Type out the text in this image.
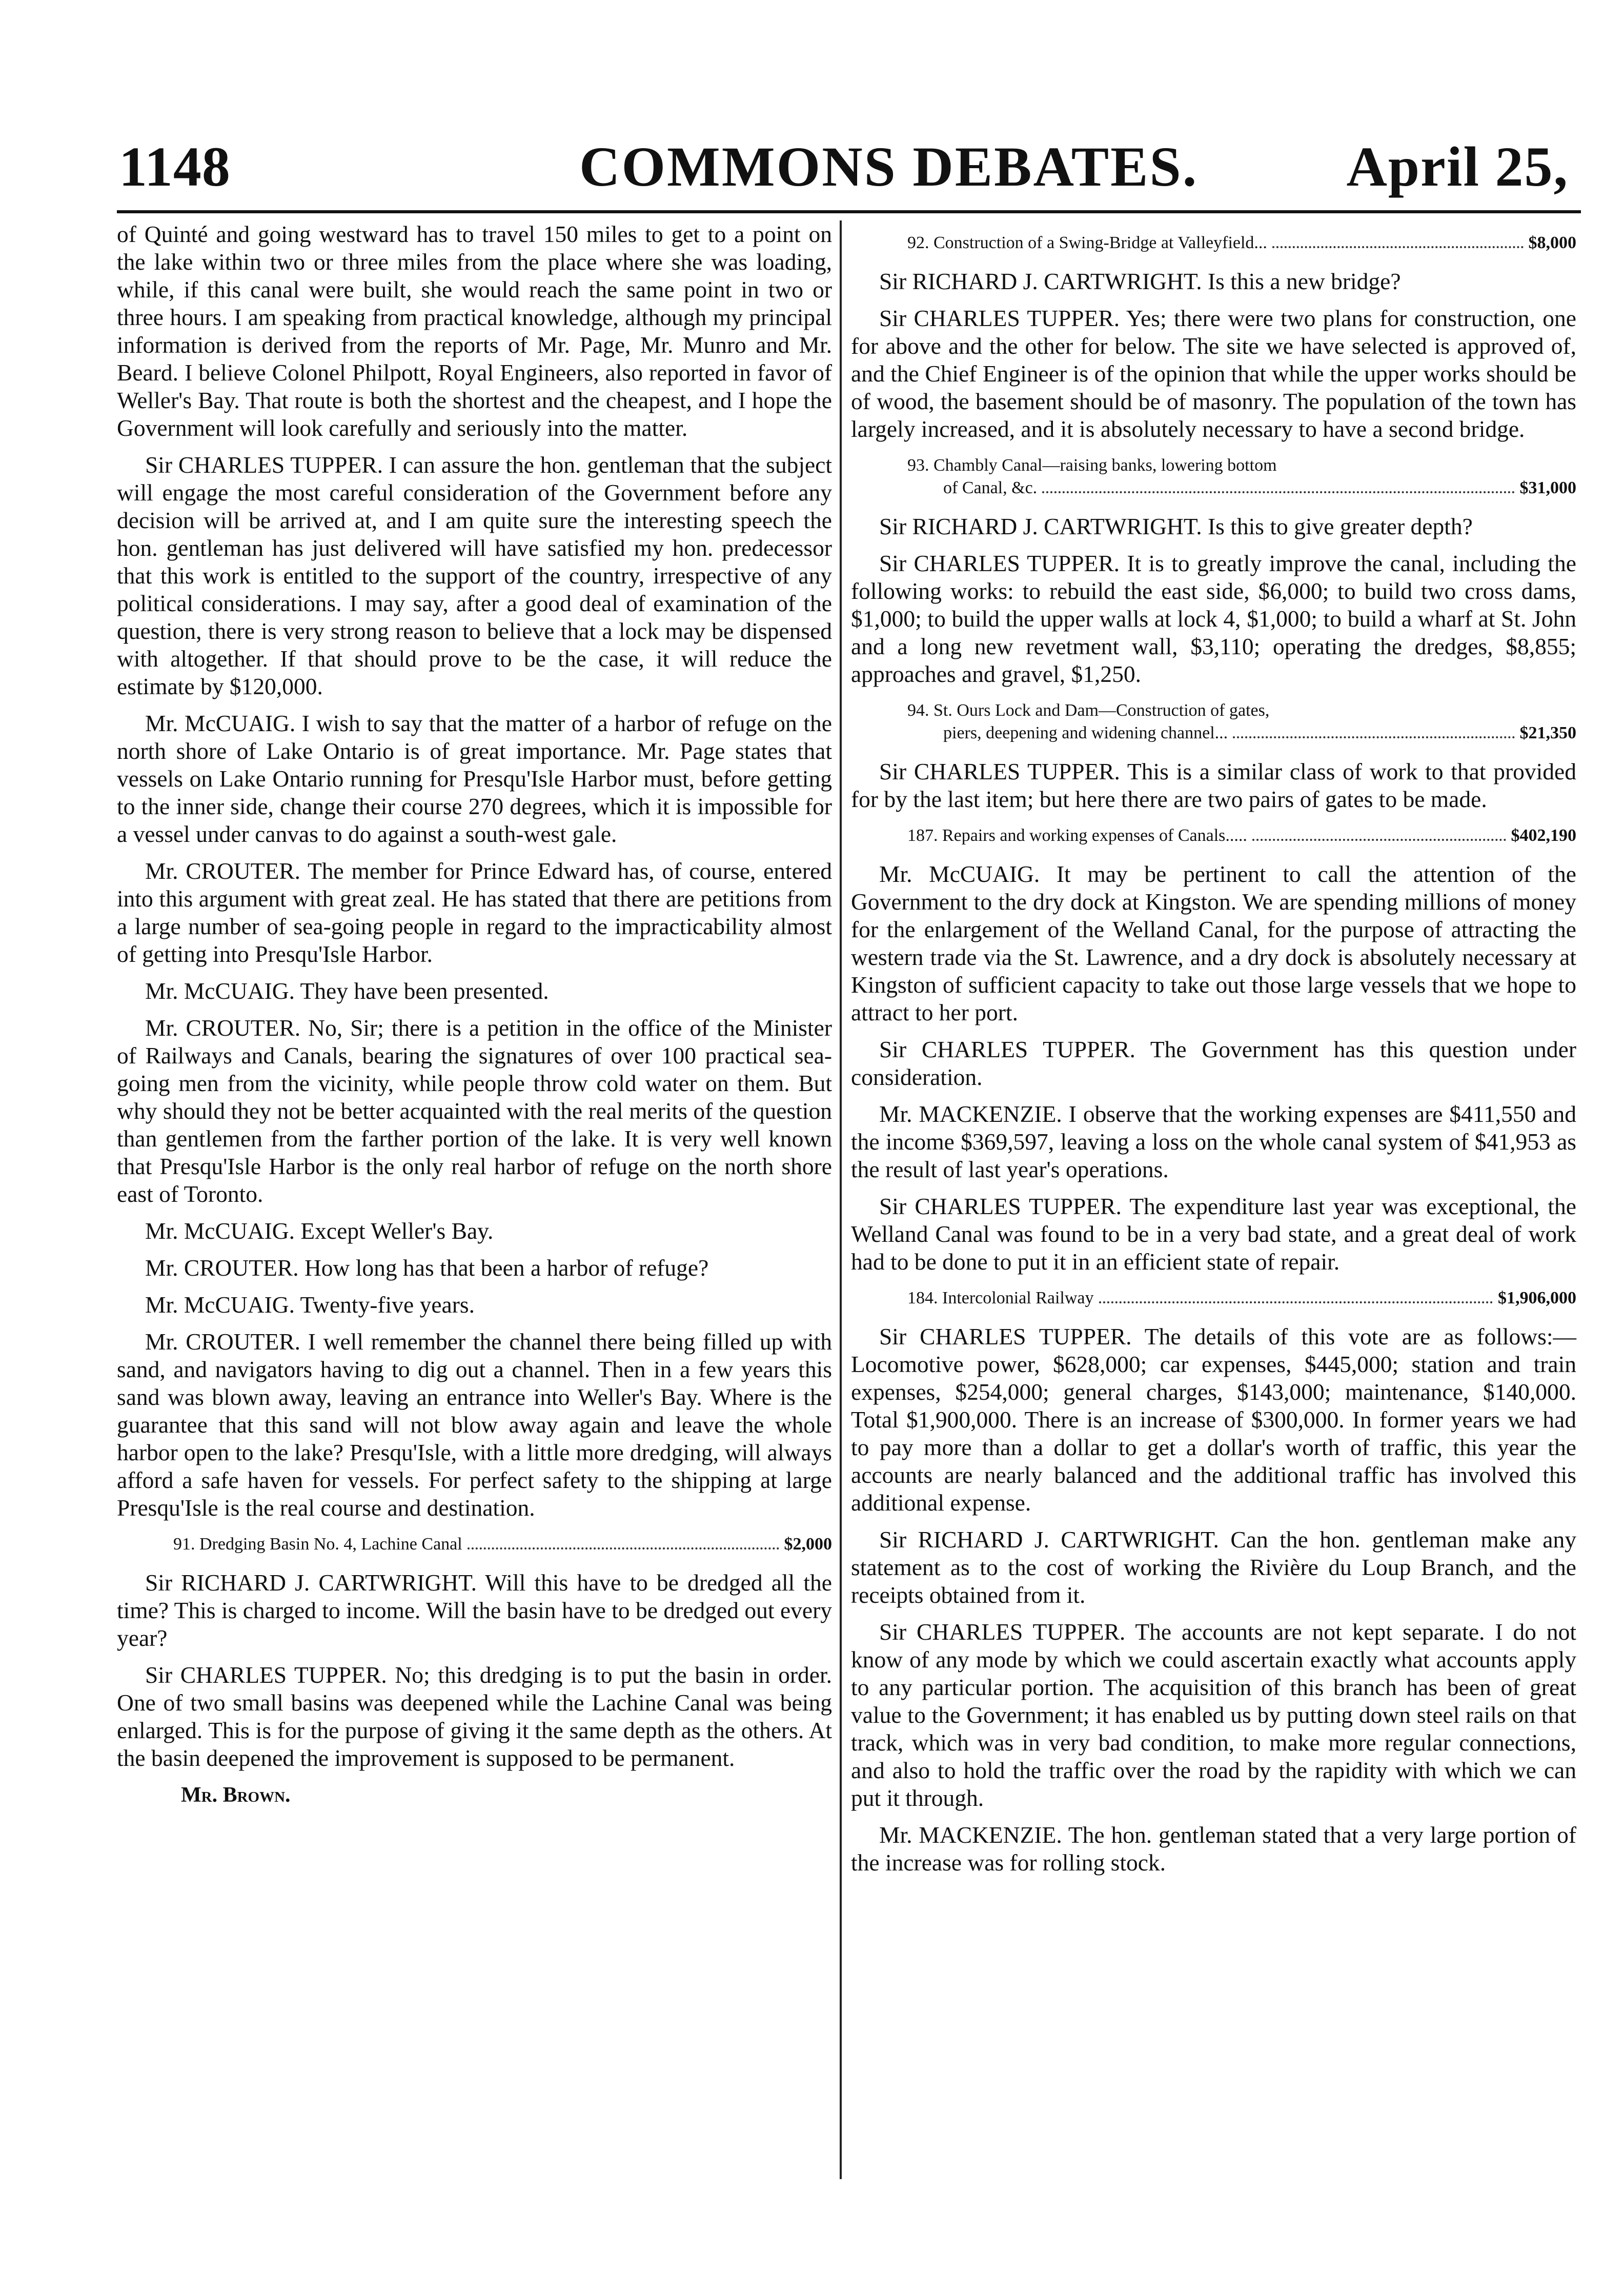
1148	COMMONS DEBATES.	April 25,

of Quinté and going westward has to travel 150 miles to get to a point on the lake within two or three miles from the place where she was loading, while, if this canal were built, she would reach the same point in two or three hours. I am speaking from practical knowledge, although my principal information is derived from the reports of Mr. Page, Mr. Munro and Mr. Beard. I believe Colonel Philpott, Royal Engineers, also reported in favor of Weller's Bay. That route is both the shortest and the cheapest, and I hope the Government will look carefully and seriously into the matter.

Sir CHARLES TUPPER. I can assure the hon. gentleman that the subject will engage the most careful consideration of the Government before any decision will be arrived at, and I am quite sure the interesting speech the hon. gentleman has just delivered will have satisfied my hon. predecessor that this work is entitled to the support of the country, irrespective of any political considerations. I may say, after a good deal of examination of the question, there is very strong reason to believe that a lock may be dispensed with altogether. If that should prove to be the case, it will reduce the estimate by $120,000.

Mr. McCUAIG. I wish to say that the matter of a harbor of refuge on the north shore of Lake Ontario is of great importance. Mr. Page states that vessels on Lake Ontario running for Presqu'Isle Harbor must, before getting to the inner side, change their course 270 degrees, which it is impossible for a vessel under canvas to do against a south-west gale.

Mr. CROUTER. The member for Prince Edward has, of course, entered into this argument with great zeal. He has stated that there are petitions from a large number of sea-going people in regard to the impracticability almost of getting into Presqu'Isle Harbor.

Mr. McCUAIG. They have been presented.

Mr. CROUTER. No, Sir; there is a petition in the office of the Minister of Railways and Canals, bearing the signatures of over 100 practical sea-going men from the vicinity, while people throw cold water on them. But why should they not be better acquainted with the real merits of the question than gentlemen from the farther portion of the lake. It is very well known that Presqu'Isle Harbor is the only real harbor of refuge on the north shore east of Toronto.

Mr. McCUAIG. Except Weller's Bay.

Mr. CROUTER. How long has that been a harbor of refuge?

Mr. McCUAIG. Twenty-five years.

Mr. CROUTER. I well remember the channel there being filled up with sand, and navigators having to dig out a channel. Then in a few years this sand was blown away, leaving an entrance into Weller's Bay. Where is the guarantee that this sand will not blow away again and leave the whole harbor open to the lake? Presqu'Isle, with a little more dredging, will always afford a safe haven for vessels. For perfect safety to the shipping at large Presqu'Isle is the real course and destination.

91. Dredging Basin No. 4, Lachine Canal	$2,000

Sir RICHARD J. CARTWRIGHT. Will this have to be dredged all the time? This is charged to income. Will the basin have to be dredged out every year?

Sir CHARLES TUPPER. No; this dredging is to put the basin in order. One of two small basins was deepened while the Lachine Canal was being enlarged. This is for the purpose of giving it the same depth as the others. At the basin deepened the improvement is supposed to be permanent.

Mr. Brown.

92. Construction of a Swing-Bridge at Valleyfield...	$8,000

Sir RICHARD J. CARTWRIGHT. Is this a new bridge?

Sir CHARLES TUPPER. Yes; there were two plans for construction, one for above and the other for below. The site we have selected is approved of, and the Chief Engineer is of the opinion that while the upper works should be of wood, the basement should be of masonry. The population of the town has largely increased, and it is absolutely necessary to have a second bridge.

93. Chambly Canal—raising banks, lowering bottom
of Canal, &c.	$31,000

Sir RICHARD J. CARTWRIGHT. Is this to give greater depth?

Sir CHARLES TUPPER. It is to greatly improve the canal, including the following works: to rebuild the east side, $6,000; to build two cross dams, $1,000; to build the upper walls at lock 4, $1,000; to build a wharf at St. John and a long new revetment wall, $3,110; operating the dredges, $8,855; approaches and gravel, $1,250.

94. St. Ours Lock and Dam—Construction of gates,
piers, deepening and widening channel...	$21,350

Sir CHARLES TUPPER. This is a similar class of work to that provided for by the last item; but here there are two pairs of gates to be made.

187. Repairs and working expenses of Canals.....	$402,190

Mr. McCUAIG. It may be pertinent to call the attention of the Government to the dry dock at Kingston. We are spending millions of money for the enlargement of the Welland Canal, for the purpose of attracting the western trade via the St. Lawrence, and a dry dock is absolutely necessary at Kingston of sufficient capacity to take out those large vessels that we hope to attract to her port.

Sir CHARLES TUPPER. The Government has this question under consideration.

Mr. MACKENZIE. I observe that the working expenses are $411,550 and the income $369,597, leaving a loss on the whole canal system of $41,953 as the result of last year's operations.

Sir CHARLES TUPPER. The expenditure last year was exceptional, the Welland Canal was found to be in a very bad state, and a great deal of work had to be done to put it in an efficient state of repair.

184. Intercolonial Railway	$1,906,000

Sir CHARLES TUPPER. The details of this vote are as follows:—Locomotive power, $628,000; car expenses, $445,000; station and train expenses, $254,000; general charges, $143,000; maintenance, $140,000. Total $1,900,000. There is an increase of $300,000. In former years we had to pay more than a dollar to get a dollar's worth of traffic, this year the accounts are nearly balanced and the additional traffic has involved this additional expense.

Sir RICHARD J. CARTWRIGHT. Can the hon. gentleman make any statement as to the cost of working the Rivière du Loup Branch, and the receipts obtained from it.

Sir CHARLES TUPPER. The accounts are not kept separate. I do not know of any mode by which we could ascertain exactly what accounts apply to any particular portion. The acquisition of this branch has been of great value to the Government; it has enabled us by putting down steel rails on that track, which was in very bad condition, to make more regular connections, and also to hold the traffic over the road by the rapidity with which we can put it through.

Mr. MACKENZIE. The hon. gentleman stated that a very large portion of the increase was for rolling stock.
